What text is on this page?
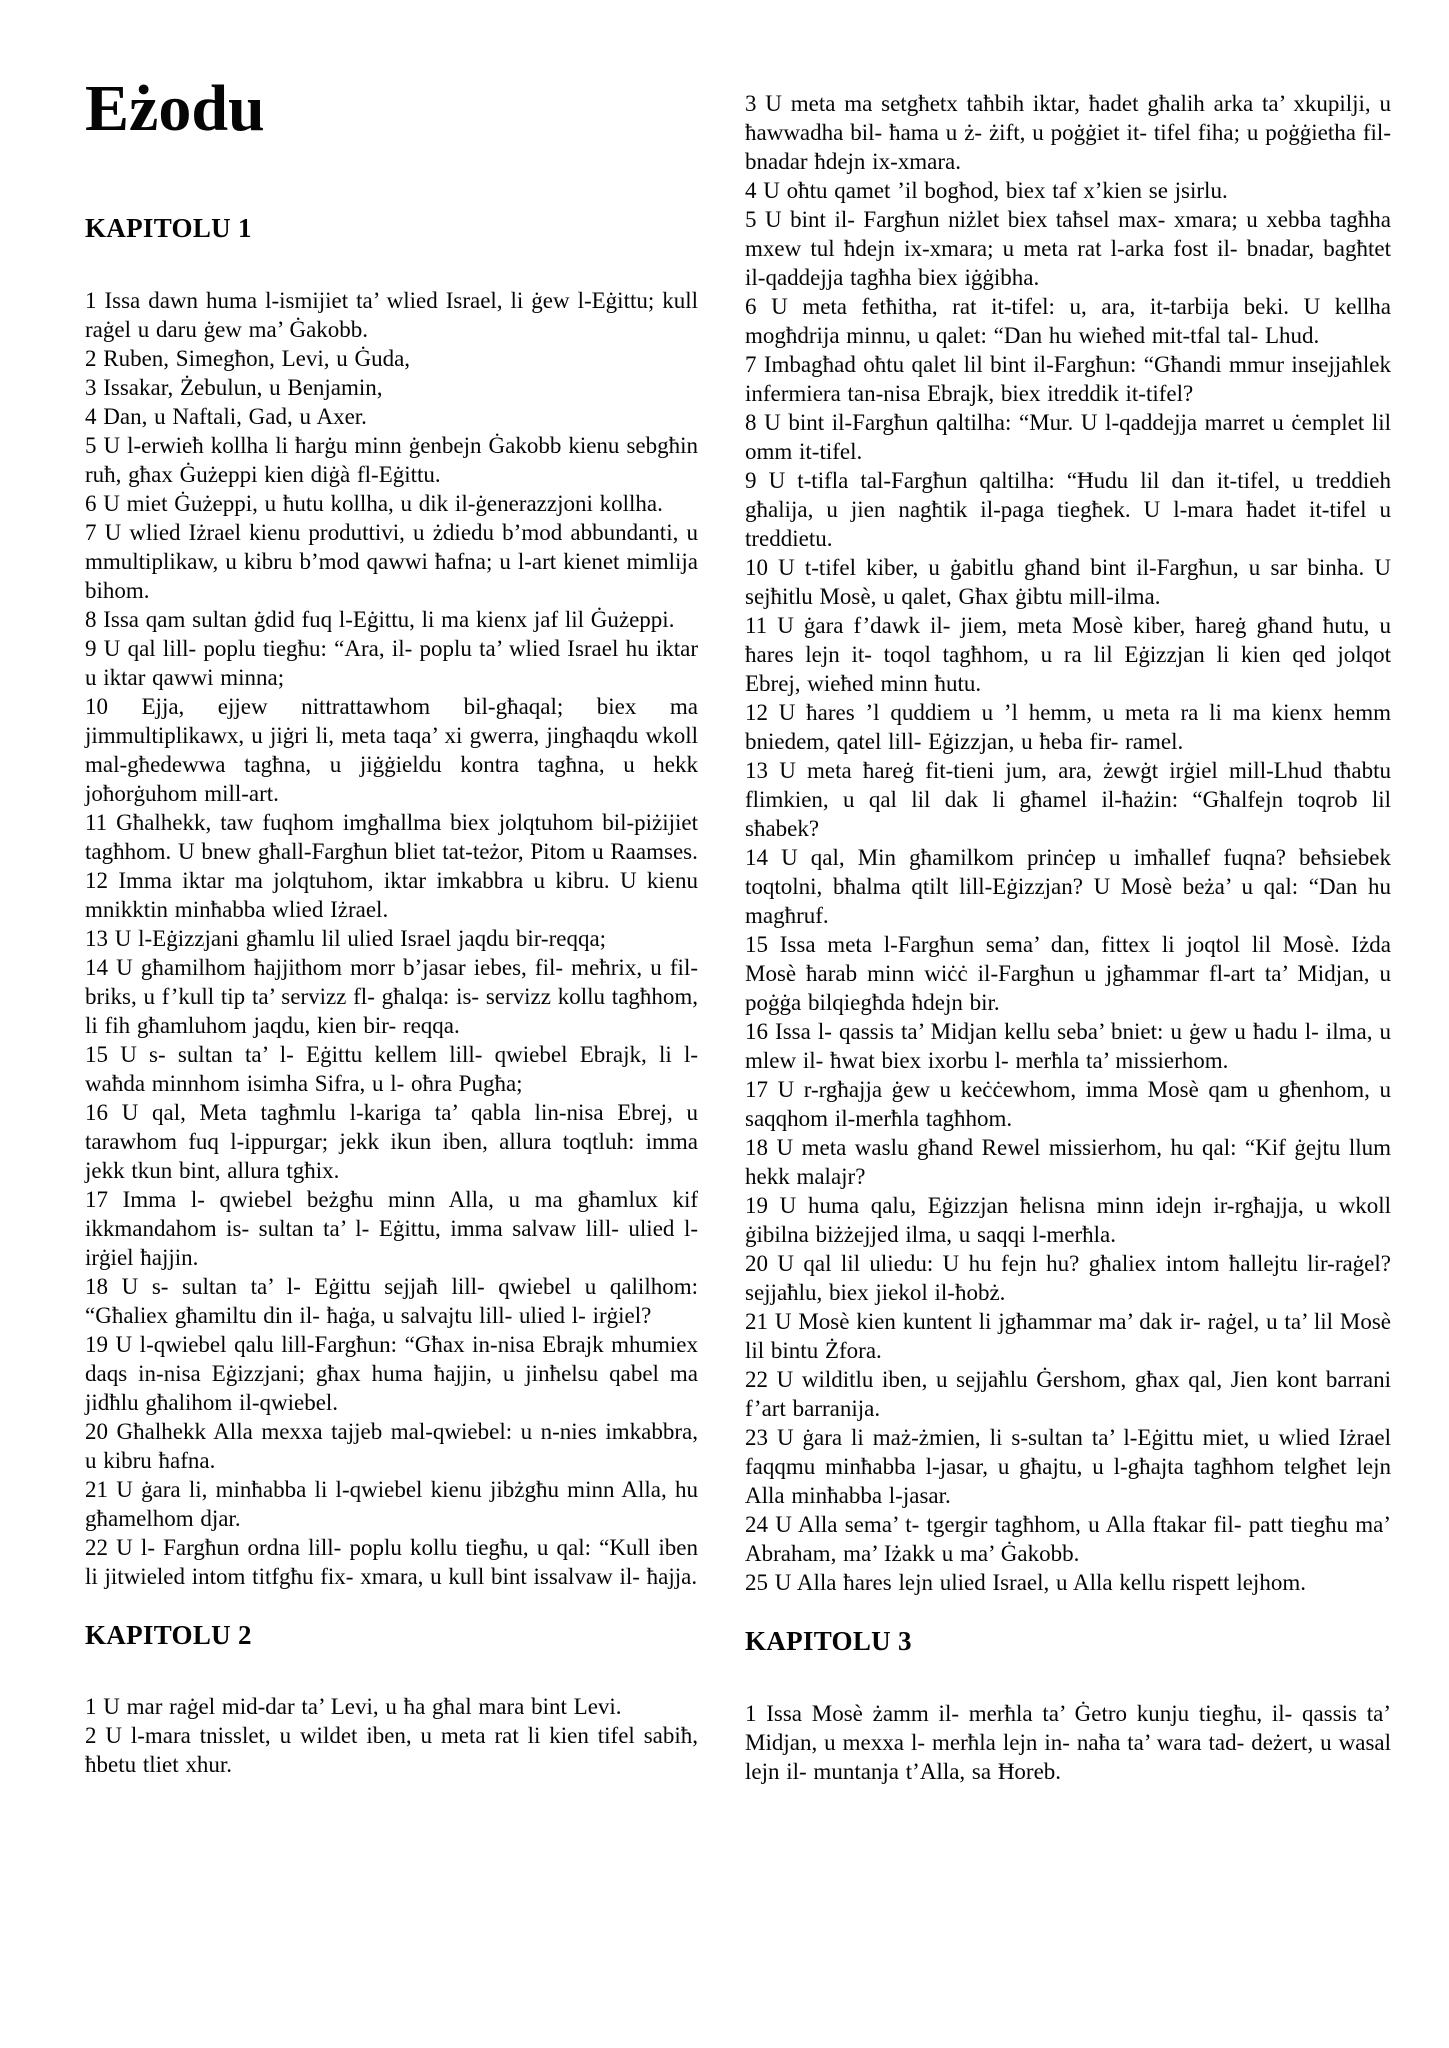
Eżodu
KAPITOLU 1

1 Issa dawn huma l-ismijiet ta’ wlied Israel, li ġew l-Eġittu; kull raġel u daru ġew ma’ Ġakobb.

2 Ruben, Simegħon, Levi, u Ġuda,

3 Issakar, Żebulun, u Benjamin,

4 Dan, u Naftali, Gad, u Axer.

5 U l-erwieħ kollha li ħarġu minn ġenbejn Ġakobb kienu sebgħin ruħ, għax Ġużeppi kien diġà fl-Eġittu.

6 U miet Ġużeppi, u ħutu kollha, u dik il-ġenerazzjoni kollha.

7 U wlied Iżrael kienu produttivi, u żdiedu b’mod abbundanti, u mmultiplikaw, u kibru b’mod qawwi ħafna; u l-art kienet mimlija bihom.

8 Issa qam sultan ġdid fuq l-Eġittu, li ma kienx jaf lil Ġużeppi.

9 U qal lill- poplu tiegħu: “Ara, il- poplu ta’ wlied Israel hu iktar u iktar qawwi minna;

10 Ejja, ejjew nittrattawhom bil-għaqal; biex ma jimmultiplikawx, u jiġri li, meta taqa’ xi gwerra, jingħaqdu wkoll mal-għedewwa tagħna, u jiġġieldu kontra tagħna, u hekk joħorġuhom mill-art.

11 Għalhekk, taw fuqhom imgħallma biex jolqtuhom bil-piżijiet tagħhom. U bnew għall-Fargħun bliet tat-teżor, Pitom u Raamses.

12 Imma iktar ma jolqtuhom, iktar imkabbra u kibru. U kienu mnikktin minħabba wlied Iżrael.

13 U l-Eġizzjani għamlu lil ulied Israel jaqdu bir-reqqa;

14 U għamilhom ħajjithom morr b’jasar iebes, fil- meħrix, u fil- briks, u f’kull tip ta’ servizz fl- għalqa: is- servizz kollu tagħhom, li fih għamluhom jaqdu, kien bir- reqqa.

15 U s- sultan ta’ l- Eġittu kellem lill- qwiebel Ebrajk, li l- waħda minnhom isimha Sifra, u l- oħra Pugħa;

16 U qal, Meta tagħmlu l-kariga ta’ qabla lin-nisa Ebrej, u tarawhom fuq l-ippurgar; jekk ikun iben, allura toqtluh: imma jekk tkun bint, allura tgħix.

17 Imma l- qwiebel beżgħu minn Alla, u ma għamlux kif ikkmandahom is- sultan ta’ l- Eġittu, imma salvaw lill- ulied l- irġiel ħajjin.

18 U s- sultan ta’ l- Eġittu sejjaħ lill- qwiebel u qalilhom: “Għaliex għamiltu din il- ħaġa, u salvajtu lill- ulied l- irġiel?

19 U l-qwiebel qalu lill-Fargħun: “Għax in-nisa Ebrajk mhumiex daqs in-nisa Eġizzjani; għax huma ħajjin, u jinħelsu qabel ma jidħlu għalihom il-qwiebel.

20 Għalhekk Alla mexxa tajjeb mal-qwiebel: u n-nies imkabbra, u kibru ħafna.

21 U ġara li, minħabba li l-qwiebel kienu jibżgħu minn Alla, hu għamelhom djar.

22 U l- Fargħun ordna lill- poplu kollu tiegħu, u qal: “Kull iben li jitwieled intom titfgħu fix- xmara, u kull bint issalvaw il- ħajja.

KAPITOLU 2

1 U mar raġel mid-dar ta’ Levi, u ħa għal mara bint Levi.

2 U l-mara tnisslet, u wildet iben, u meta rat li kien tifel sabiħ, ħbetu tliet xhur.

3 U meta ma setgħetx taħbih iktar, ħadet għalih arka ta’ xkupilji, u ħawwadha bil- ħama u ż- żift, u poġġiet it- tifel fiha; u poġġietha fil-bnadar ħdejn ix-xmara.

4 U oħtu qamet ’il bogħod, biex taf x’kien se jsirlu.

5 U bint il- Fargħun niżlet biex taħsel max- xmara; u xebba tagħha mxew tul ħdejn ix-xmara; u meta rat l-arka fost il- bnadar, bagħtet il-qaddejja tagħha biex iġġibha.

6 U meta fetħitha, rat it-tifel: u, ara, it-tarbija beki. U kellha mogħdrija minnu, u qalet: “Dan hu wieħed mit-tfal tal- Lhud.

7 Imbagħad oħtu qalet lil bint il-Fargħun: “Għandi mmur insejjaħlek infermiera tan-nisa Ebrajk, biex itreddik it-tifel?

8 U bint il-Fargħun qaltilha: “Mur. U l-qaddejja marret u ċemplet lil omm it-tifel.

9 U t-tifla tal-Fargħun qaltilha: “Ħudu lil dan it-tifel, u treddieh għalija, u jien nagħtik il-paga tiegħek. U l-mara ħadet it-tifel u treddietu.

10 U t-tifel kiber, u ġabitlu għand bint il-Fargħun, u sar binha. U sejħitlu Mosè, u qalet, Għax ġibtu mill-ilma.

11 U ġara f’dawk il- jiem, meta Mosè kiber, ħareġ għand ħutu, u ħares lejn it- toqol tagħhom, u ra lil Eġizzjan li kien qed jolqot Ebrej, wieħed minn ħutu.

12 U ħares ’l quddiem u ’l hemm, u meta ra li ma kienx hemm bniedem, qatel lill- Eġizzjan, u ħeba fir- ramel.

13 U meta ħareġ fit-tieni jum, ara, żewġt irġiel mill-Lhud tħabtu flimkien, u qal lil dak li għamel il-ħażin: “Għalfejn toqrob lil sħabek?

14 U qal, Min għamilkom prinċep u imħallef fuqna? beħsiebek toqtolni, bħalma qtilt lill-Eġizzjan? U Mosè beża’ u qal: “Dan hu magħruf.

15 Issa meta l-Fargħun sema’ dan, fittex li joqtol lil Mosè. Iżda Mosè ħarab minn wiċċ il-Fargħun u jgħammar fl-art ta’ Midjan, u poġġa bilqiegħda ħdejn bir.

16 Issa l- qassis ta’ Midjan kellu seba’ bniet: u ġew u ħadu l- ilma, u mlew il- ħwat biex ixorbu l- merħla ta’ missierhom.

17 U r-rgħajja ġew u keċċewhom, imma Mosè qam u għenhom, u saqqhom il-merħla tagħhom.

18 U meta waslu għand Rewel missierhom, hu qal: “Kif ġejtu llum hekk malajr?

19 U huma qalu, Eġizzjan ħelisna minn idejn ir-rgħajja, u wkoll ġibilna biżżejjed ilma, u saqqi l-merħla.

20 U qal lil uliedu: U hu fejn hu? għaliex intom ħallejtu lir-raġel? sejjaħlu, biex jiekol il-ħobż.

21 U Mosè kien kuntent li jgħammar ma’ dak ir- raġel, u ta’ lil Mosè lil bintu Żfora.

22 U wilditlu iben, u sejjaħlu Ġershom, għax qal, Jien kont barrani f’art barranija.

23 U ġara li maż-żmien, li s-sultan ta’ l-Eġittu miet, u wlied Iżrael faqqmu minħabba l-jasar, u għajtu, u l-għajta tagħhom telgħet lejn Alla minħabba l-jasar.

24 U Alla sema’ t- tgergir tagħhom, u Alla ftakar fil- patt tiegħu ma’ Abraham, ma’ Iżakk u ma’ Ġakobb.

25 U Alla ħares lejn ulied Israel, u Alla kellu rispett lejhom.

KAPITOLU 3

1 Issa Mosè żamm il- merħla ta’ Ġetro kunju tiegħu, il- qassis ta’ Midjan, u mexxa l- merħla lejn in- naħa ta’ wara tad- deżert, u wasal lejn il- muntanja t’Alla, sa Ħoreb.
